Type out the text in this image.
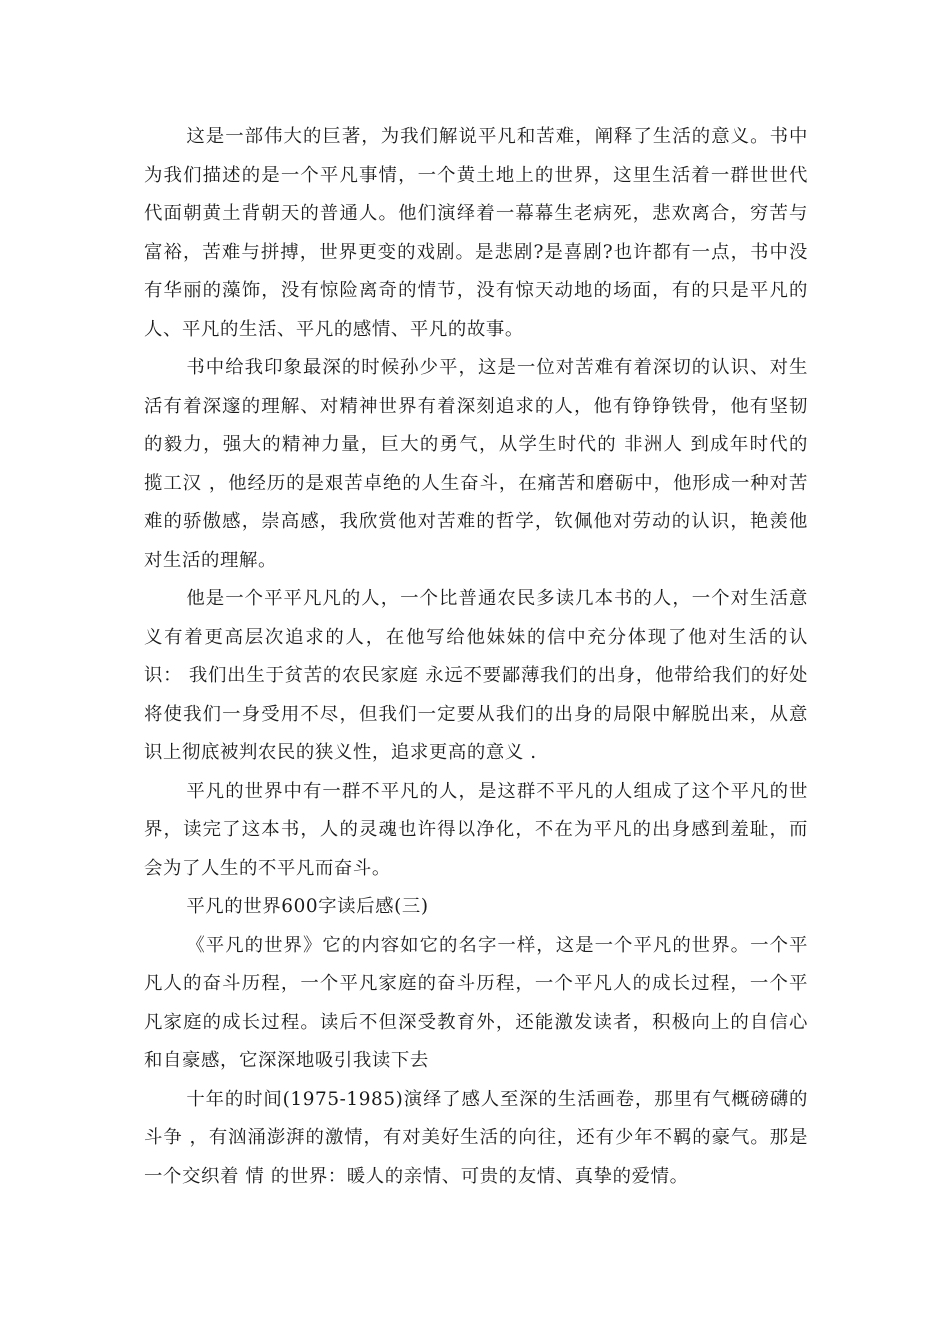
这是一部伟大的巨著，为我们解说平凡和苦难，阐释了生活的意义。书中为我们描述的是一个平凡事情，一个黄土地上的世界，这里生活着一群世世代代面朝黄土背朝天的普通人。他们演绎着一幕幕生老病死，悲欢离合，穷苦与富裕，苦难与拼搏，世界更变的戏剧。是悲剧?是喜剧?也许都有一点，书中没有华丽的藻饰，没有惊险离奇的情节，没有惊天动地的场面，有的只是平凡的人、平凡的生活、平凡的感情、平凡的故事。

书中给我印象最深的时候孙少平，这是一位对苦难有着深切的认识、对生活有着深邃的理解、对精神世界有着深刻追求的人，他有铮铮铁骨，他有坚韧的毅力，强大的精神力量，巨大的勇气，从学生时代的 非洲人 到成年时代的 揽工汉 ，他经历的是艰苦卓绝的人生奋斗，在痛苦和磨砺中，他形成一种对苦难的骄傲感，崇高感，我欣赏他对苦难的哲学，钦佩他对劳动的认识，艳羡他对生活的理解。

他是一个平平凡凡的人，一个比普通农民多读几本书的人，一个对生活意义有着更高层次追求的人，在他写给他妹妹的信中充分体现了他对生活的认识： 我们出生于贫苦的农民家庭 永远不要鄙薄我们的出身，他带给我们的好处将使我们一身受用不尽，但我们一定要从我们的出身的局限中解脱出来，从意识上彻底被判农民的狭义性，追求更高的意义 .

平凡的世界中有一群不平凡的人，是这群不平凡的人组成了这个平凡的世界，读完了这本书，人的灵魂也许得以净化，不在为平凡的出身感到羞耻，而会为了人生的不平凡而奋斗。

平凡的世界600字读后感(三)

《平凡的世界》它的内容如它的名字一样，这是一个平凡的世界。一个平凡人的奋斗历程，一个平凡家庭的奋斗历程，一个平凡人的成长过程，一个平凡家庭的成长过程。读后不但深受教育外，还能激发读者，积极向上的自信心和自豪感，它深深地吸引我读下去

十年的时间(1975-1985)演绎了感人至深的生活画卷，那里有气概磅礴的斗争 ，有汹涌澎湃的激情，有对美好生活的向往，还有少年不羁的豪气。那是一个交织着 情 的世界：暖人的亲情、可贵的友情、真挚的爱情。
